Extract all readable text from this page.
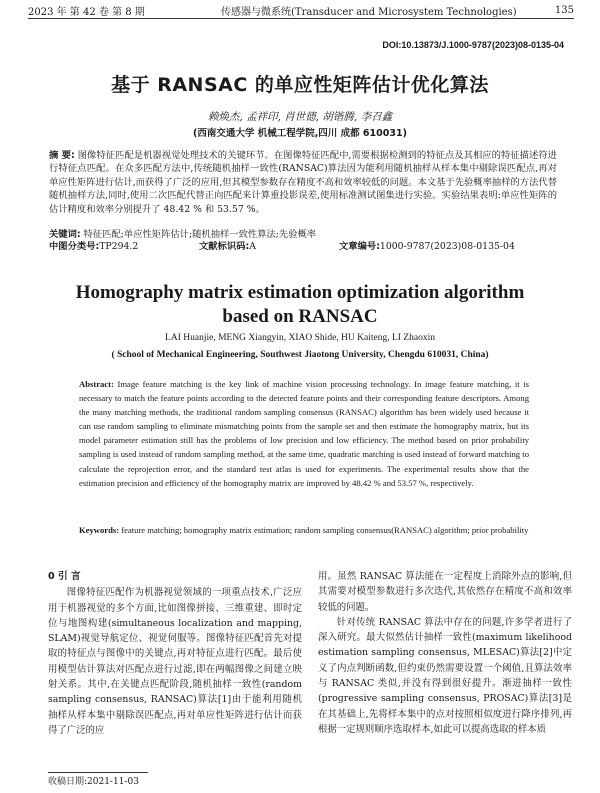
2023 年 第 42 卷 第 8 期	传感器与微系统(Transducer and Microsystem Technologies)	135
DOI:10.13873/J.1000-9787(2023)08-0135-04
基于 RANSAC 的单应性矩阵估计优化算法
赖焕杰, 孟祥印, 肖世德, 胡锴腾, 李召鑫
(西南交通大学 机械工程学院,四川 成都 610031)
摘 要: 图像特征匹配是机器视觉处理技术的关键环节。在图像特征匹配中,需要根据检测到的特征点及其相应的特征描述符进行特征点匹配。在众多匹配方法中,传统随机抽样一致性(RANSAC)算法因为能利用随机抽样从样本集中剔除误匹配点,再对单应性矩阵进行估计,而获得了广泛的应用,但其模型参数存在精度不高和效率较低的问题。本文基于先验概率抽样的方法代替随机抽样方法,同时,使用二次匹配代替正向匹配来计算重投影误差,使用标准测试图集进行实验。实验结果表明:单应性矩阵的估计精度和效率分别提升了 48.42 % 和 53.57 %。
关键词: 特征匹配;单应性矩阵估计;随机抽样一致性算法;先验概率
中图分类号:TP294.2	文献标识码:A	文章编号:1000-9787(2023)08-0135-04
Homography matrix estimation optimization algorithm
based on RANSAC
LAI Huanjie, MENG Xiangyin, XIAO Shide, HU Kaiteng, LI Zhaoxin
( School of Mechanical Engineering, Southwest Jiaotong University, Chengdu 610031, China)
Abstract: Image feature matching is the key link of machine vision processing technology. In image feature matching, it is necessary to match the feature points according to the detected feature points and their corresponding feature descriptors. Among the many matching methods, the traditional random sampling consensus (RANSAC) algorithm has been widely used because it can use random sampling to eliminate mismatching points from the sample set and then estimate the homography matrix, but its model parameter estimation still has the problems of low precision and low efficiency. The method based on prior probability sampling is used instead of random sampling method, at the same time, quadratic matching is used instead of forward matching to calculate the reprojection error, and the standard test atlas is used for experiments. The experimental results show that the estimation precision and efficiency of the homography matrix are improved by 48.42 % and 53.57 %, respectively.
Keywords: feature matching; homography matrix estimation; random sampling consensus(RANSAC) algorithm; prior probability
0 引 言
图像特征匹配作为机器视觉领域的一项重点技术,广泛应用于机器视觉的多个方面,比如图像拼接、三维重建、即时定位与地图构建(simultaneous localization and mapping, SLAM)视觉导航定位、视觉伺服等。图像特征匹配首先对提取的特征点与图像中的关键点,再对特征点进行匹配。最后使用模型估计算法对匹配点进行过滤,即在两幅图像之间建立映射关系。其中,在关键点匹配阶段,随机抽样一致性(random sampling consensus, RANSAC)算法[1]由于能利用随机抽样从样本集中剔除误匹配点,再对单应性矩阵进行估计而获得了广泛的应
用。虽然 RANSAC 算法能在一定程度上消除外点的影响,但其需要对模型参数进行多次迭代,其依然存在精度不高和效率较低的问题。
针对传统 RANSAC 算法中存在的问题,许多学者进行了深入研究。最大似然估计抽样一致性(maximum likelihood estimation sampling consensus, MLESAC)算法[2]中定义了内点判断函数,但约束仍然需要设置一个阈值,且算法效率与 RANSAC 类似,并没有得到很好提升。渐进抽样一致性(progressive sampling consensus, PROSAC)算法[3]是在其基础上,先将样本集中的点对按照相似度进行降序排列,再根据一定规则顺序选取样本,如此可以提高选取的样本质
收稿日期:2021-11-03
